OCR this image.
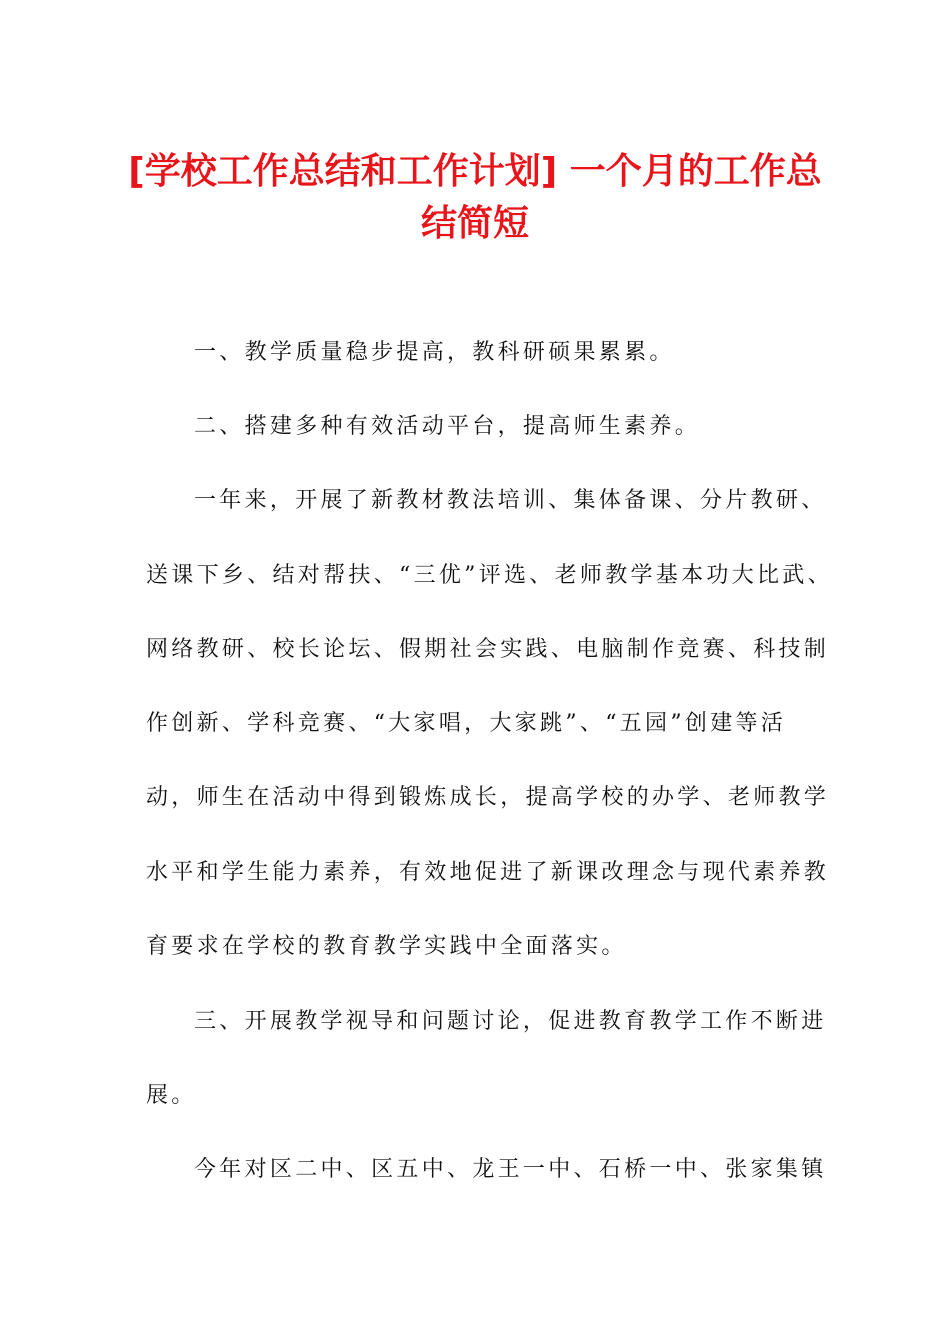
[学校工作总结和工作计划] 一个月的工作总
结简短
一、教学质量稳步提高，教科研硕果累累。
二、搭建多种有效活动平台，提高师生素养。
一年来，开展了新教材教法培训、集体备课、分片教研、
送课下乡、结对帮扶、“三优”评选、老师教学基本功大比武、
网络教研、校长论坛、假期社会实践、电脑制作竞赛、科技制
作创新、学科竞赛、“大家唱，大家跳”、“五园”创建等活
动，师生在活动中得到锻炼成长，提高学校的办学、老师教学
水平和学生能力素养，有效地促进了新课改理念与现代素养教
育要求在学校的教育教学实践中全面落实。
三、开展教学视导和问题讨论，促进教育教学工作不断进
展。
今年对区二中、区五中、龙王一中、石桥一中、张家集镇
